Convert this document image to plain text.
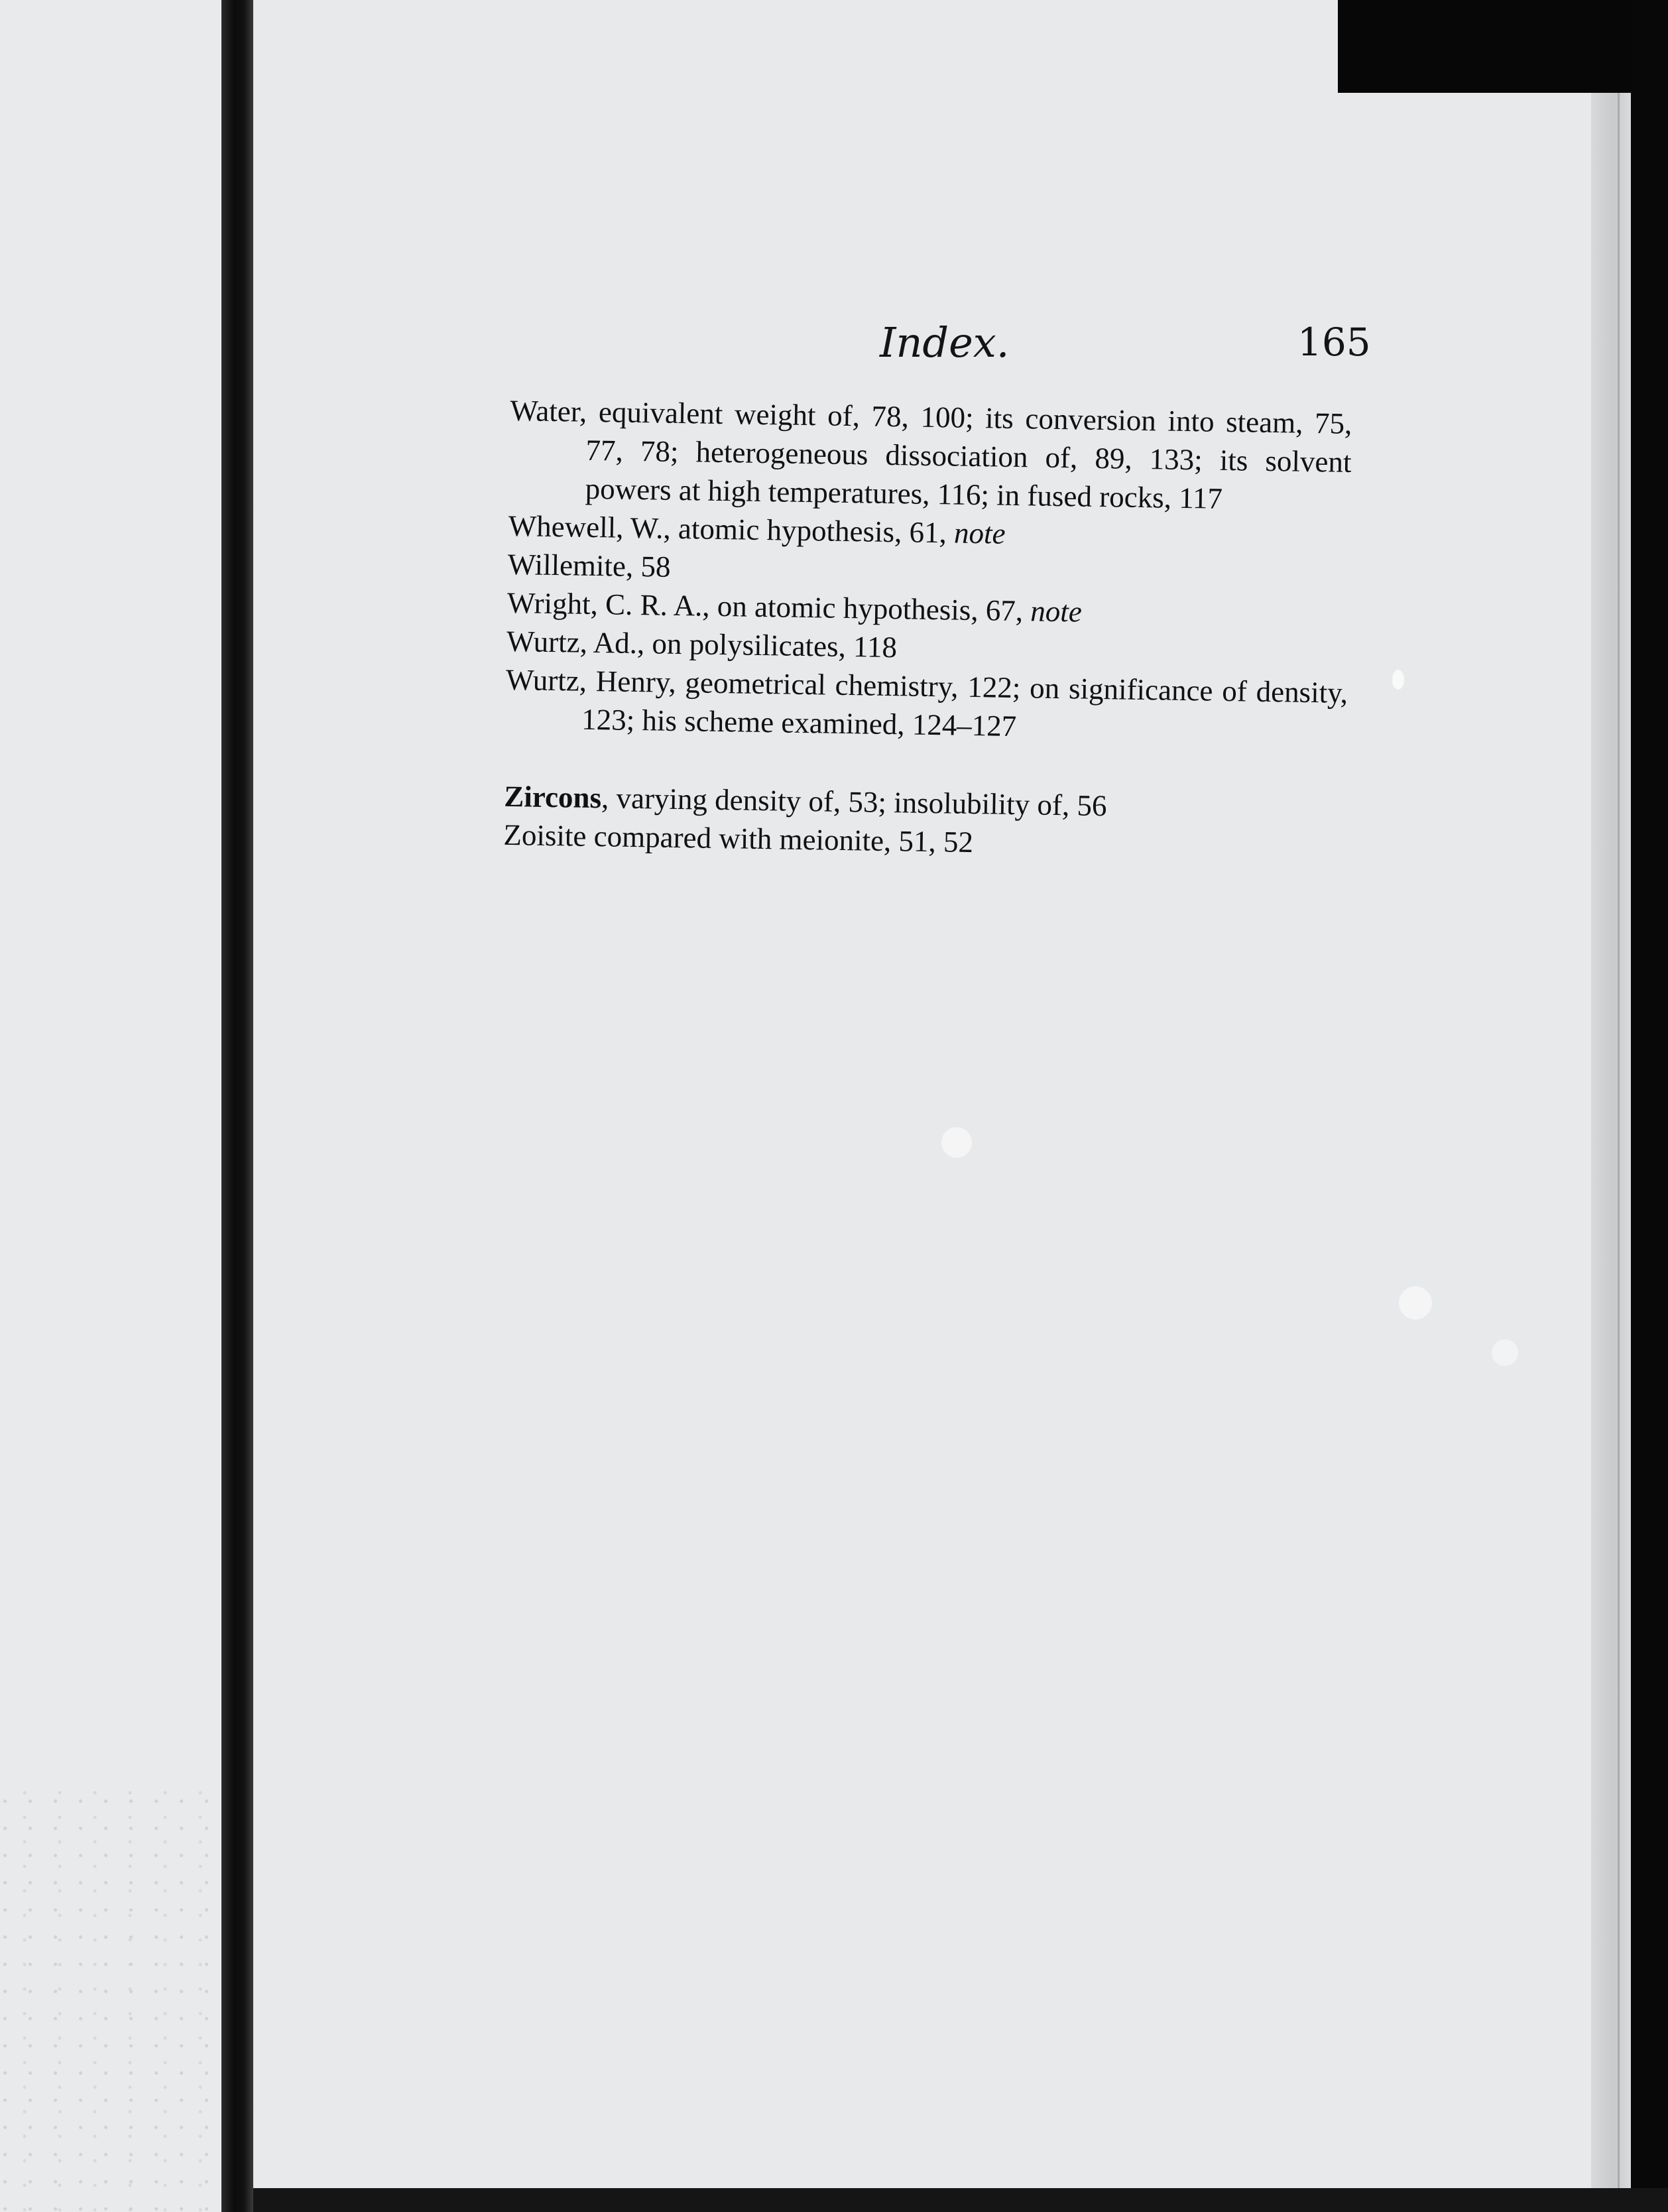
Index.	165

Water, equivalent weight of, 78, 100; its conversion into steam, 75, 77, 78; heterogeneous dissociation of, 89, 133; its solvent powers at high temperatures, 116; in fused rocks, 117

Whewell, W., atomic hypothesis, 61, note

Willemite, 58

Wright, C. R. A., on atomic hypothesis, 67, note

Wurtz, Ad., on polysilicates, 118

Wurtz, Henry, geometrical chemistry, 122; on significance of density, 123; his scheme examined, 124–127

Zircons, varying density of, 53; insolubility of, 56

Zoisite compared with meionite, 51, 52
